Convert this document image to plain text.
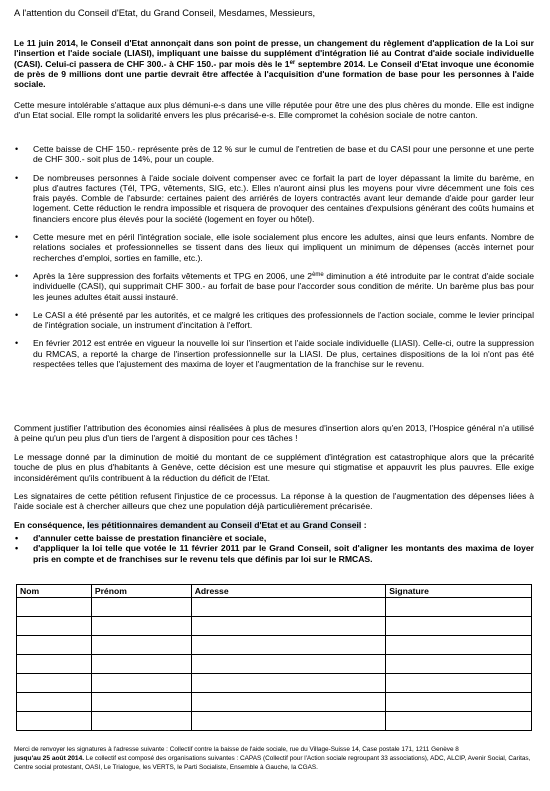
A l'attention du Conseil d'Etat, du Grand Conseil, Mesdames, Messieurs,

Le 11 juin 2014, le Conseil d'Etat annonçait dans son point de presse, un changement du règlement d'application de la Loi sur l'insertion et l'aide sociale (LIASI), impliquant une baisse du supplément d'intégration lié au Contrat d'aide sociale individuelle (CASI). Celui-ci passera de CHF 300.- à CHF 150.- par mois dès le 1er septembre 2014. Le Conseil d'Etat invoque une économie de près de 9 millions dont une partie devrait être affectée à l'acquisition d'une formation de base pour les personnes à l'aide sociale.

Cette mesure intolérable s'attaque aux plus démuni-e-s dans une ville réputée pour être une des plus chères du monde. Elle est indigne d'un Etat social. Elle rompt la solidarité envers les plus précarisé-e-s. Elle compromet la cohésion sociale de notre canton.

• Cette baisse de CHF 150.- représente près de 12 % sur le cumul de l'entretien de base et du CASI pour une personne et une perte de CHF 300.- soit plus de 14%, pour un couple.
• De nombreuses personnes à l'aide sociale doivent compenser avec ce forfait la part de loyer dépassant la limite du barème, en plus d'autres factures (Tél, TPG, vêtements, SIG, etc.). Elles n'auront ainsi plus les moyens pour vivre décemment une fois ces frais payés. Comble de l'absurde: certaines paient des arriérés de loyers contractés avant leur demande d'aide pour garder leur logement. Cette réduction le rendra impossible et risquera de provoquer des centaines d'expulsions générant des coûts humains et financiers encore plus élevés pour la société (logement en foyer ou hôtel).
• Cette mesure met en péril l'intégration sociale, elle isole socialement plus encore les adultes, ainsi que leurs enfants. Nombre de relations sociales et professionnelles se tissent dans des lieux qui impliquent un minimum de dépenses (accès internet pour recherches d'emploi, sorties en famille, etc.).
• Après la 1ère suppression des forfaits vêtements et TPG en 2006, une 2ème diminution a été introduite par le contrat d'aide sociale individuelle (CASI), qui supprimait CHF 300.- au forfait de base pour l'accorder sous condition de mérite. Un barème plus bas pour les jeunes adultes était aussi instauré.
• Le CASI a été présenté par les autorités, et ce malgré les critiques des professionnels de l'action sociale, comme le levier principal de l'intégration sociale, un instrument d'incitation à l'effort.
• En février 2012 est entrée en vigueur la nouvelle loi sur l'insertion et l'aide sociale individuelle (LIASI). Celle-ci, outre la suppression du RMCAS, a reporté la charge de l'insertion professionnelle sur la LIASI. De plus, certaines dispositions de la loi n'ont pas été respectées telles que l'ajustement des maxima de loyer et l'augmentation de la franchise sur le revenu.

Comment justifier l'attribution des économies ainsi réalisées à plus de mesures d'insertion alors qu'en 2013, l'Hospice général n'a utilisé à peine qu'un peu plus d'un tiers de l'argent à disposition pour ces tâches !

Le message donné par la diminution de moitié du montant de ce supplément d'intégration est catastrophique alors que la précarité touche de plus en plus d'habitants à Genève, cette décision est une mesure qui stigmatise et appauvrit les plus pauvres. Elle exige inconsidérément qu'ils contribuent à la réduction du déficit de l'Etat.

Les signataires de cette pétition refusent l'injustice de ce processus. La réponse à la question de l'augmentation des dépenses liées à l'aide sociale est à chercher ailleurs que chez une population déjà particulièrement précarisée.

En conséquence, les pétitionnaires demandent au Conseil d'Etat et au Grand Conseil :

• d'annuler cette baisse de prestation financière et sociale,
• d'appliquer la loi telle que votée le 11 février 2011 par le Grand Conseil, soit d'aligner les montants des maxima de loyer pris en compte et de franchises sur le revenu tels que définis par loi sur le RMCAS.
Nom	Prénom	Adresse	Signature

Merci de renvoyer les signatures à l'adresse suivante : Collectif contre la baisse de l'aide sociale, rue du Village-Suisse 14, Case postale 171, 1211 Genève 8
jusqu'au 25 août 2014. Le collectif est composé des organisations suivantes : CAPAS (Collectif pour l'Action sociale regroupant 33 associations), ADC, ALCIP, Avenir Social, Caritas, Centre social protestant, OASI, Le Trialogue, les VERTS, le Parti Socialiste, Ensemble à Gauche, la CGAS.
